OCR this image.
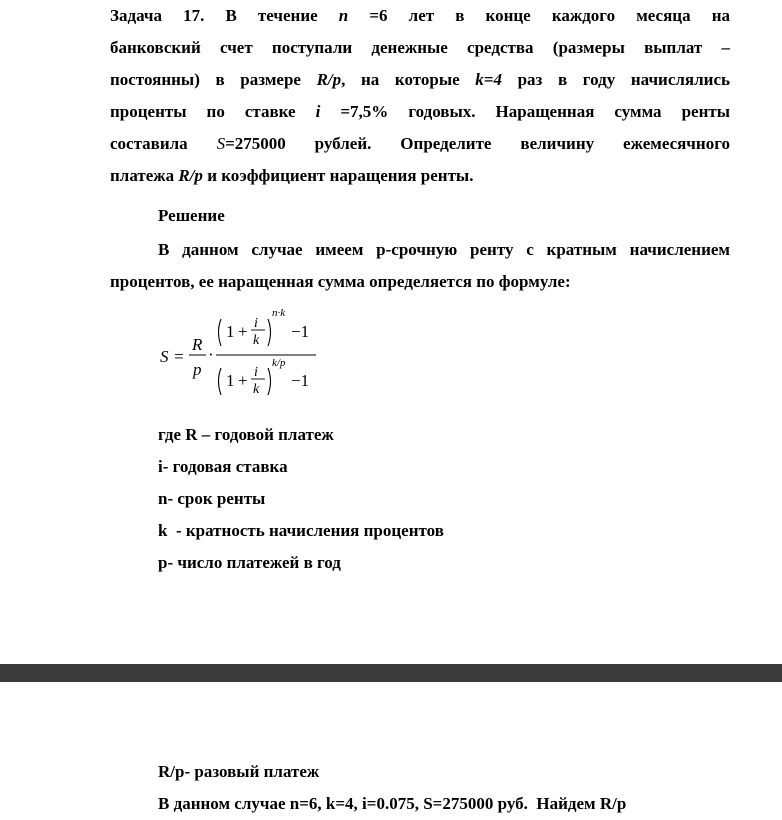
Задача 17. В течение n =6 лет в конце каждого месяца на
банковский счет поступали денежные средства (размеры выплат –
постоянны) в размере R/p, на которые k=4 раз в году начислялись
проценты по ставке i =7,5% годовых. Наращенная сумма ренты
составила S=275000 рублей. Определите величину ежемесячного
платежа R/p и коэффициент наращения ренты.
Решение
В данном случае имеем р-срочную ренту с кратным начислением
процентов, ее наращенная сумма определяется по формуле:
S =
R
p
·
1 + i
k
n·k
−1
1 + i
k
k/p
−1
где R – годовой платеж
i- годовая ставка
n- срок ренты
k  - кратность начисления процентов
p- число платежей в год
R/p- разовый платеж
В данном случае n=6, k=4, i=0.075, S=275000 руб.  Найдем R/p
